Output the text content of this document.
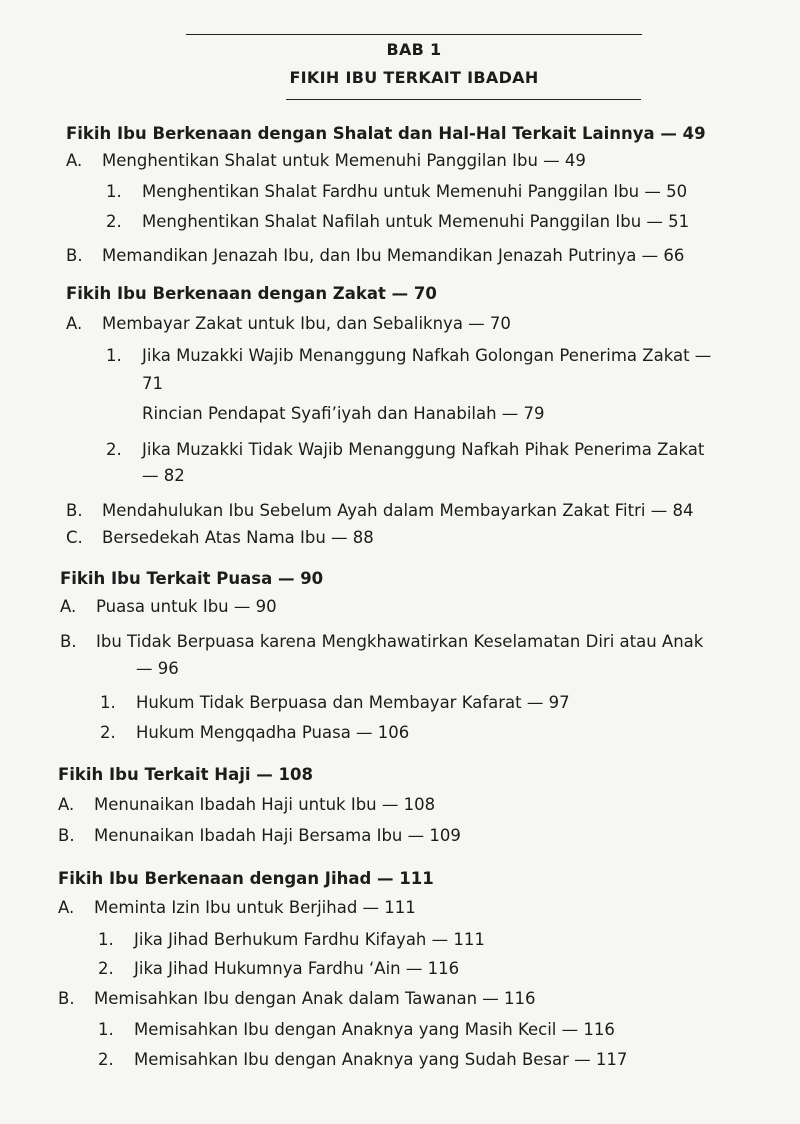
BAB 1
FIKIH IBU TERKAIT IBADAH
Fikih Ibu Berkenaan dengan Shalat dan Hal-Hal Terkait Lainnya — 49
A. Menghentikan Shalat untuk Memenuhi Panggilan Ibu — 49
1. Menghentikan Shalat Fardhu untuk Memenuhi Panggilan Ibu — 50
2. Menghentikan Shalat Nafilah untuk Memenuhi Panggilan Ibu — 51
B. Memandikan Jenazah Ibu, dan Ibu Memandikan Jenazah Putrinya — 66
Fikih Ibu Berkenaan dengan Zakat — 70
A. Membayar Zakat untuk Ibu, dan Sebaliknya — 70
1. Jika Muzakki Wajib Menanggung Nafkah Golongan Penerima Zakat —
71
Rincian Pendapat Syafi’iyah dan Hanabilah — 79
2. Jika Muzakki Tidak Wajib Menanggung Nafkah Pihak Penerima Zakat
— 82
B. Mendahulukan Ibu Sebelum Ayah dalam Membayarkan Zakat Fitri — 84
C. Bersedekah Atas Nama Ibu — 88
Fikih Ibu Terkait Puasa — 90
A. Puasa untuk Ibu — 90
B. Ibu Tidak Berpuasa karena Mengkhawatirkan Keselamatan Diri atau Anak
— 96
1. Hukum Tidak Berpuasa dan Membayar Kafarat — 97
2. Hukum Mengqadha Puasa — 106
Fikih Ibu Terkait Haji — 108
A. Menunaikan Ibadah Haji untuk Ibu — 108
B. Menunaikan Ibadah Haji Bersama Ibu — 109
Fikih Ibu Berkenaan dengan Jihad — 111
A. Meminta Izin Ibu untuk Berjihad — 111
1. Jika Jihad Berhukum Fardhu Kifayah — 111
2. Jika Jihad Hukumnya Fardhu ‘Ain — 116
B. Memisahkan Ibu dengan Anak dalam Tawanan — 116
1. Memisahkan Ibu dengan Anaknya yang Masih Kecil — 116
2. Memisahkan Ibu dengan Anaknya yang Sudah Besar — 117
